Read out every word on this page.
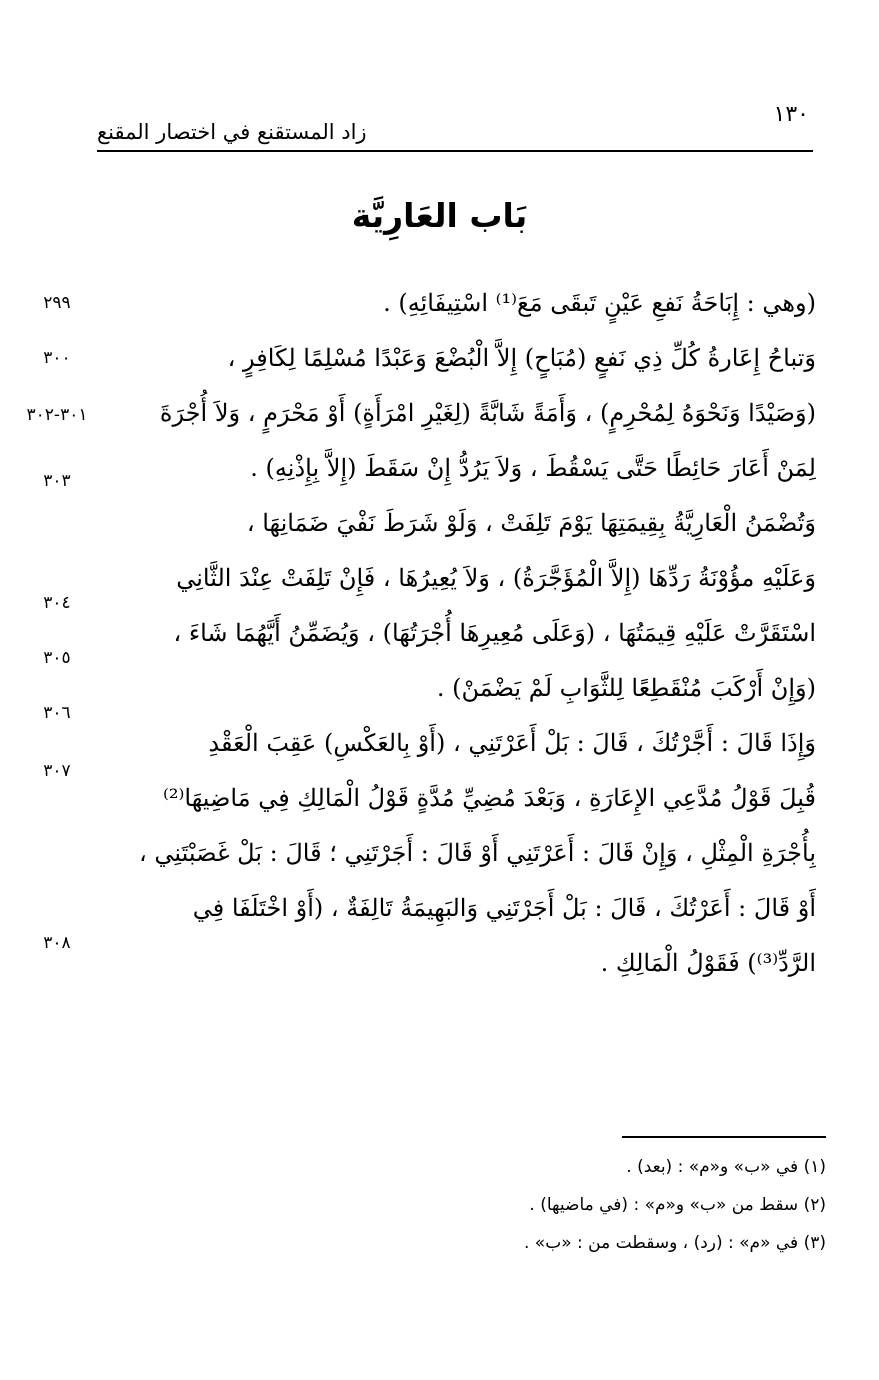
زاد المستقنع في اختصار المقنع
١٣٠
بَاب العَارِيَّة
(وهي : إِبَاحَةُ نَفعِ عَيْنٍ تَبقَى مَعَ⁽¹⁾ اسْتِيفَائِهِ) .
وَتباحُ إِعَارةُ كُلِّ ذِي نَفعٍ (مُبَاحٍ) إِلاَّ الْبُضْعَ وَعَبْدًا مُسْلِمًا لِكَافِرٍ ،
(وَصَيْدًا وَنَحْوَهُ لِمُحْرِمٍ) ، وَأَمَةً شَابَّةً (لِغَيْرِ امْرَأَةٍ) أَوْ مَحْرَمٍ ، وَلاَ أُجْرَةَ
لِمَنْ أَعَارَ حَائِطًا حَتَّى يَسْقُطَ ، وَلاَ يَرُدُّ إِنْ سَقَطَ (إِلاَّ بِإِذْنِهِ) .
وَتُضْمَنُ الْعَارِيَّةُ بِقِيمَتِهَا يَوْمَ تَلِفَتْ ، وَلَوْ شَرَطَ نَفْيَ ضَمَانِهَا ،
وَعَلَيْهِ مؤُوْنَةُ رَدِّهَا (إِلاَّ الْمُؤَجَّرَةُ) ، وَلاَ يُعِيرُهَا ، فَإِنْ تَلِفَتْ عِنْدَ الثَّانِي
اسْتَقَرَّتْ عَلَيْهِ قِيمَتُهَا ، (وَعَلَى مُعِيرِهَا أُجْرَتُهَا) ، وَيُضَمِّنُ أَيَّهُمَا شَاءَ ،
(وَإِنْ أَرْكَبَ مُنْقَطِعًا لِلثَّوَابِ لَمْ يَضْمَنْ) .
وَإِذَا قَالَ : أَجَّرْتُكَ ، قَالَ : بَلْ أَعَرْتَنِي ، (أَوْ بِالعَكْسِ) عَقِبَ الْعَقْدِ
قُبِلَ قَوْلُ مُدَّعِي الإِعَارَةِ ، وَبَعْدَ مُضِيِّ مُدَّةٍ قَوْلُ الْمَالِكِ فِي مَاضِيهَا⁽²⁾
بِأُجْرَةِ الْمِثْلِ ، وَإِنْ قَالَ : أَعَرْتَنِي أَوْ قَالَ : أَجَرْتَنِي ؛ قَالَ : بَلْ غَصَبْتَنِي ،
أَوْ قَالَ : أَعَرْتُكَ ، قَالَ : بَلْ أَجَرْتَنِي وَالبَهِيمَةُ تَالِفَةٌ ، (أَوْ اخْتَلَفَا فِي
الرَّدِّ⁽³⁾) فَقَوْلُ الْمَالِكِ .
٢٩٩
٣٠٠
٣٠١-٣٠٢
٣٠٣
٣٠٤
٣٠٥
٣٠٦
٣٠٧
٣٠٨
(١) في «ب» و«م» : (بعد) .
(٢) سقط من «ب» و«م» : (في ماضيها) .
(٣) في «م» : (رد) ، وسقطت من : «ب» .
